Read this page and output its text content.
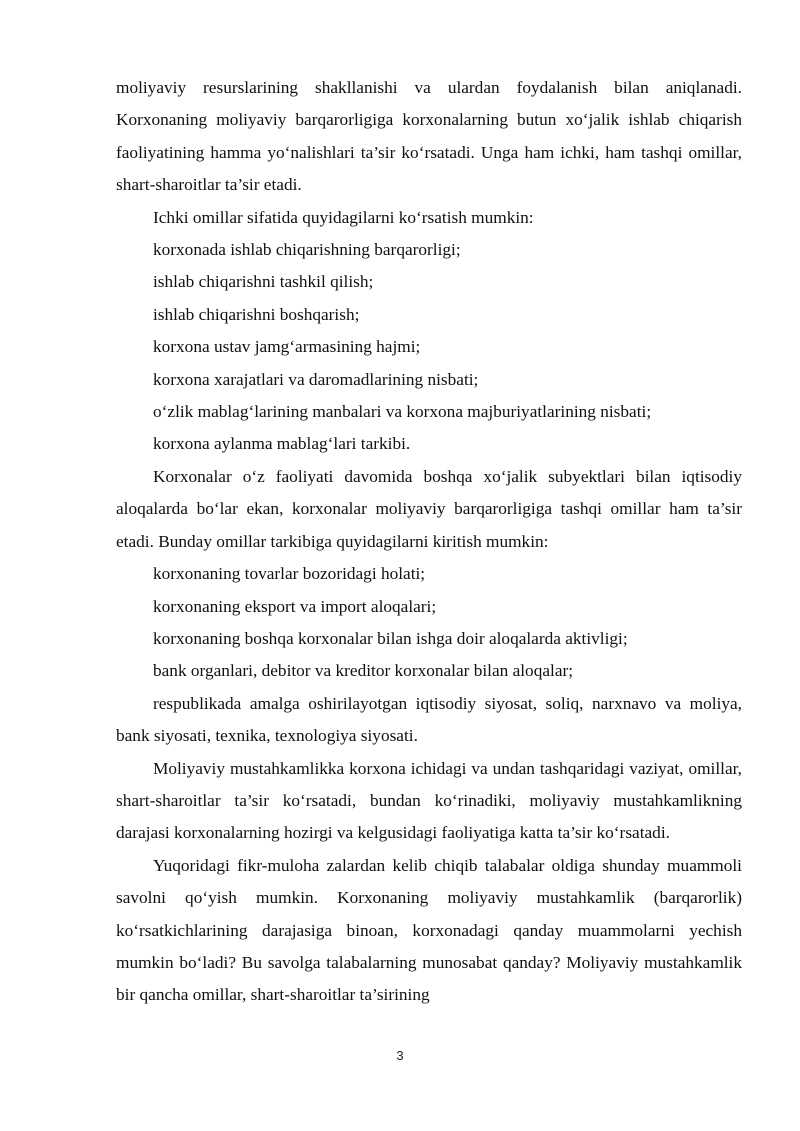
moliyaviy resurslarining shakllanishi va ulardan foydalanish bilan aniqlanadi. Korxonaning moliyaviy barqarorligiga korxonalarning butun xo‘jalik ishlab chiqarish faoliyatining hamma yo‘nalishlari ta’sir ko‘rsatadi. Unga ham ichki, ham tashqi omillar, shart-sharoitlar ta’sir etadi.

Ichki omillar sifatida quyidagilarni ko‘rsatish mumkin:

korxonada ishlab chiqarishning barqarorligi;
ishlab chiqarishni tashkil qilish;
ishlab chiqarishni boshqarish;
korxona ustav jamg‘armasining hajmi;
korxona xarajatlari va daromadlarining nisbati;
o‘zlik mablag‘larining manbalari va korxona majburiyatlarining nisbati;
korxona aylanma mablag‘lari tarkibi.

Korxonalar o‘z faoliyati davomida boshqa xo‘jalik subyektlari bilan iqtisodiy aloqalarda bo‘lar ekan, korxonalar moliyaviy barqarorligiga tashqi omillar ham ta’sir etadi. Bunday omillar tarkibiga quyidagilarni kiritish mumkin:

korxonaning tovarlar bozoridagi holati;
korxonaning eksport va import aloqalari;
korxonaning boshqa korxonalar bilan ishga doir aloqalarda aktivligi;
bank organlari, debitor va kreditor korxonalar bilan aloqalar;

respublikada amalga oshirilayotgan iqtisodiy siyosat, soliq, narxnavo va moliya, bank siyosati, texnika, texnologiya siyosati.

Moliyaviy mustahkamlikka korxona ichidagi va undan tashqaridagi vaziyat, omillar, shart-sharoitlar ta’sir ko‘rsatadi, bundan ko‘rinadiki, moliyaviy mustahkamlikning darajasi korxonalarning hozirgi va kelgusidagi faoliyatiga katta ta’sir ko‘rsatadi.

Yuqoridagi fikr-muloha zalardan kelib chiqib talabalar oldiga shunday muammoli savolni qo‘yish mumkin. Korxonaning moliyaviy mustahkamlik (barqarorlik) ko‘rsatkichlarining darajasiga binoan, korxonadagi qanday muammolarni yechish mumkin bo‘ladi? Bu savolga talabalarning munosabat qanday? Moliyaviy mustahkamlik bir qancha omillar, shart-sharoitlar ta’sirining

3
